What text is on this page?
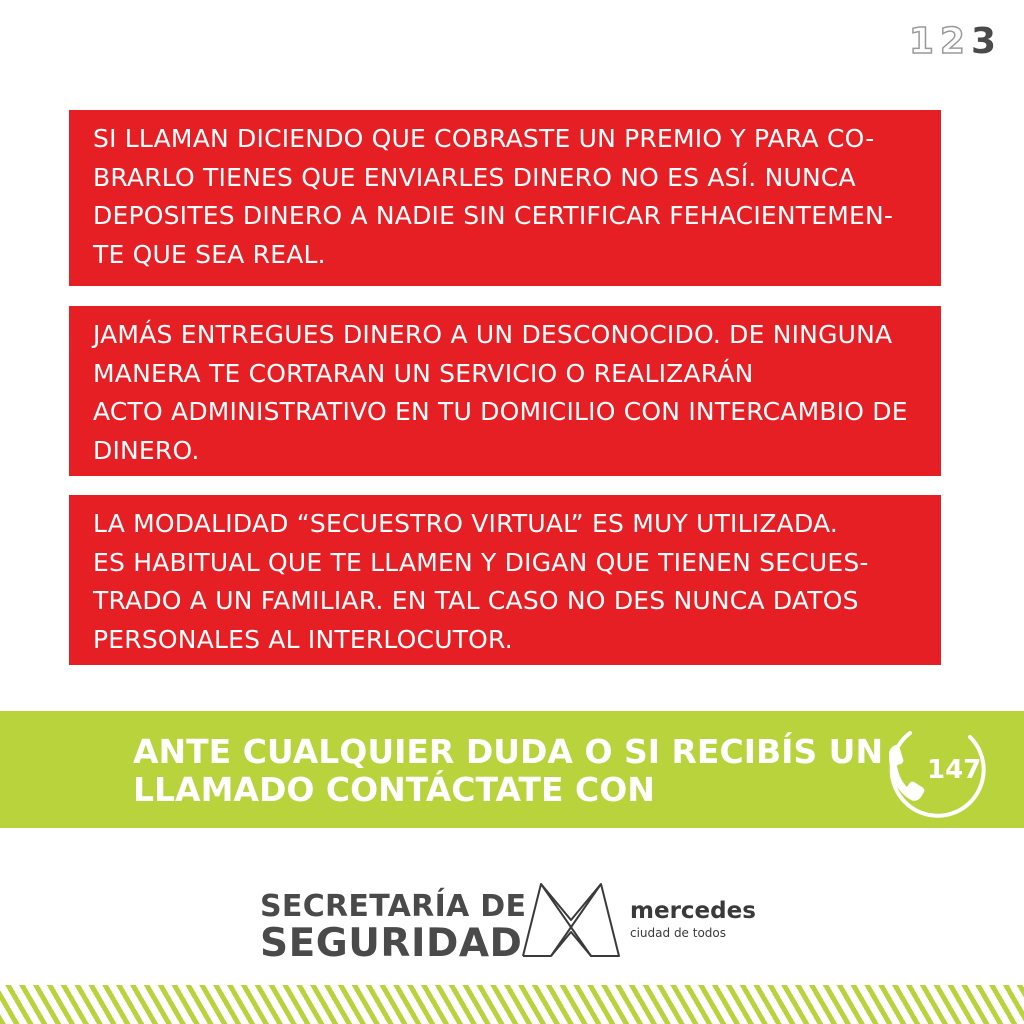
1 2 3
SI LLAMAN DICIENDO QUE COBRASTE UN PREMIO Y PARA CO-
BRARLO TIENES QUE ENVIARLES DINERO NO ES ASÍ. NUNCA
DEPOSITES DINERO A NADIE SIN CERTIFICAR FEHACIENTEMEN-
TE QUE SEA REAL.
JAMÁS ENTREGUES DINERO A UN DESCONOCIDO. DE NINGUNA
MANERA TE CORTARAN UN SERVICIO O REALIZARÁN
ACTO ADMINISTRATIVO EN TU DOMICILIO CON INTERCAMBIO DE
DINERO.
LA MODALIDAD “SECUESTRO VIRTUAL” ES MUY UTILIZADA.
ES HABITUAL QUE TE LLAMEN Y DIGAN QUE TIENEN SECUES-
TRADO A UN FAMILIAR. EN TAL CASO NO DES NUNCA DATOS
PERSONALES AL INTERLOCUTOR.
ANTE CUALQUIER DUDA O SI RECIBÍS UN
LLAMADO CONTÁCTATE CON	147
SECRETARÍA DE
SEGURIDAD
mercedes
ciudad de todos
